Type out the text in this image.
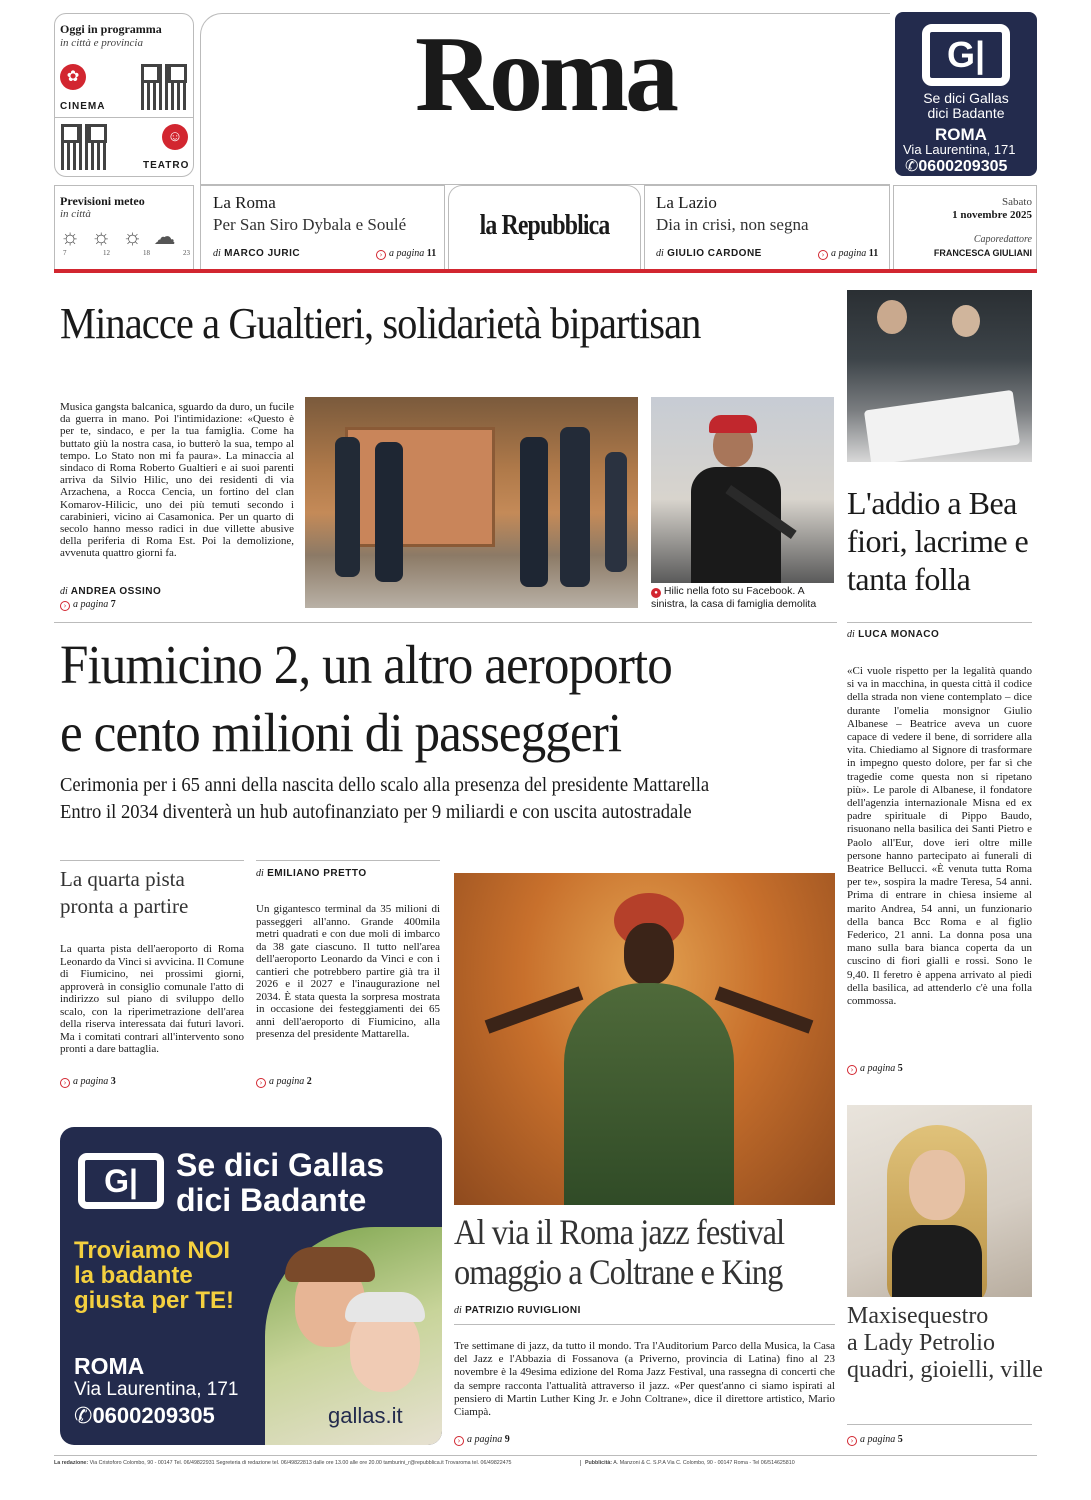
Oggi in programma
in città e provincia
✿
CINEMA
☺
TEATRO
Roma	G|
Se dici Gallas
dici Badante
ROMA
Via Laurentina, 171
✆0600209305
Previsioni meteo
in città
☼☼☼☁
7	12	18	23
La Roma
Per San Siro Dybala e Soulé
di MARCO JURIC	› a pagina 11
la Repubblica
La Lazio
Dia in crisi, non segna
di GIULIO CARDONE	› a pagina 11
Sabato
1 novembre 2025
Caporedattore
FRANCESCA GIULIANI
Minacce a Gualtieri, solidarietà bipartisan
Musica gangsta balcanica, sguardo da duro, un fucile da guerra in mano. Poi l'intimidazione: «Questo è per te, sindaco, e per la tua famiglia. Come ha buttato giù la nostra casa, io butterò la sua, tempo al tempo. Lo Stato non mi fa paura». La minaccia al sindaco di Roma Roberto Gualtieri e ai suoi parenti arriva da Silvio Hilic, uno dei residenti di via Arzachena, a Rocca Cencia, un fortino del clan Komarov-Hilicic, uno dei più temuti secondo i carabinieri, vicino ai Casamonica. Per un quarto di secolo hanno messo radici in due villette abusive della periferia di Roma Est. Poi la demolizione, avvenuta quattro giorni fa.
di ANDREA OSSINO
› a pagina 7
● Hilic nella foto su Facebook. A sinistra, la casa di famiglia demolita
Fiumicino 2, un altro aeroporto
e cento milioni di passeggeri
Cerimonia per i 65 anni della nascita dello scalo alla presenza del presidente Mattarella
Entro il 2034 diventerà un hub autofinanziato per 9 miliardi e con uscita autostradale
La quarta pista pronta a partire
La quarta pista dell'aeroporto di Roma Leonardo da Vinci si avvicina. Il Comune di Fiumicino, nei prossimi giorni, approverà in consiglio comunale l'atto di indirizzo sul piano di sviluppo dello scalo, con la riperimetrazione dell'area della riserva interessata dai futuri lavori. Ma i comitati contrari all'intervento sono pronti a dare battaglia.
› a pagina 3
di EMILIANO PRETTO
Un gigantesco terminal da 35 milioni di passeggeri all'anno. Grande 400mila metri quadrati e con due moli di imbarco da 38 gate ciascuno. Il tutto nell'area dell'aeroporto Leonardo da Vinci e con i cantieri che potrebbero partire già tra il 2026 e il 2027 e l'inaugurazione nel 2034. È stata questa la sorpresa mostrata in occasione dei festeggiamenti dei 65 anni dell'aeroporto di Fiumicino, alla presenza del presidente Mattarella.
› a pagina 2
L'addio a Bea fiori, lacrime e tanta folla
di LUCA MONACO
«Ci vuole rispetto per la legalità quando si va in macchina, in questa città il codice della strada non viene contemplato – dice durante l'omelia monsignor Giulio Albanese – Beatrice aveva un cuore capace di vedere il bene, di sorridere alla vita. Chiediamo al Signore di trasformare in impegno questo dolore, per far sì che tragedie come questa non si ripetano più». Le parole di Albanese, il fondatore dell'agenzia internazionale Misna ed ex padre spirituale di Pippo Baudo, risuonano nella basilica dei Santi Pietro e Paolo all'Eur, dove ieri oltre mille persone hanno partecipato ai funerali di Beatrice Bellucci. «È venuta tutta Roma per te», sospira la madre Teresa, 54 anni. Prima di entrare in chiesa insieme al marito Andrea, 54 anni, un funzionario della banca Bcc Roma e al figlio Federico, 21 anni. La donna posa una mano sulla bara bianca coperta da un cuscino di fiori gialli e rossi. Sono le 9,40. Il feretro è appena arrivato al piedi della basilica, ad attenderlo c'è una folla commossa.
› a pagina 5
Al via il Roma jazz festival
omaggio a Coltrane e King
di PATRIZIO RUVIGLIONI
Tre settimane di jazz, da tutto il mondo. Tra l'Auditorium Parco della Musica, la Casa del Jazz e l'Abbazia di Fossanova (a Priverno, provincia di Latina) fino al 23 novembre è la 49esima edizione del Roma Jazz Festival, una rassegna di concerti che da sempre racconta l'attualità attraverso il jazz. «Per quest'anno ci siamo ispirati al pensiero di Martin Luther King Jr. e John Coltrane», dice il direttore artistico, Mario Ciampà.
› a pagina 9
Maxisequestro
a Lady Petrolio
quadri, gioielli, ville
› a pagina 5
G|	Se dici Gallas
dici Badante
Troviamo NOI
la badante
giusta per TE!
ROMA
Via Laurentina, 171
✆0600209305	gallas.it
La redazione: Via Cristoforo Colombo, 90 - 00147 Tel. 06/49822931 Segreteria di redazione tel. 06/49822813 dalle ore 13.00 alle ore 20.00 tamburini_r@repubblica.it Trovaroma tel. 06/49822475	Pubblicità: A. Manzoni & C. S.P.A Via C. Colombo, 90 - 00147 Roma - Tel 06/514625810
